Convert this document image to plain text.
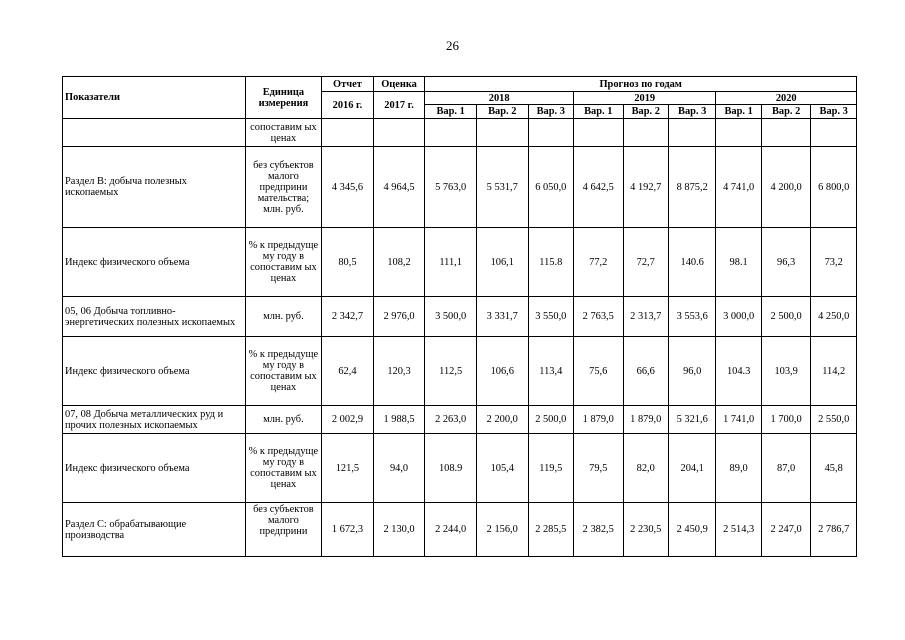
26
Показатели	Единица измерения	Отчет	Оценка	Прогноз по годам								
		2016 г.	2017 г.	2018			2019			2020		
				Вар. 1	Вар. 2	Вар. 3	Вар. 1	Вар. 2	Вар. 3	Вар. 1	Вар. 2	Вар. 3
	сопоставим ых ценах											
Раздел B: добыча полезных ископаемых	без субъектов малого предприни мательства; млн. руб.	4 345,6	4 964,5	5 763,0	5 531,7	6 050,0	4 642,5	4 192,7	8 875,2	4 741,0	4 200,0	6 800,0
Индекс физического объема	% к предыдуще му году в сопоставим ых ценах	80,5	108,2	111,1	106,1	115.8	77,2	72,7	140.6	98.1	96,3	73,2
05, 06 Добыча топливно-энергетических полезных ископаемых	млн. руб.	2 342,7	2 976,0	3 500,0	3 331,7	3 550,0	2 763,5	2 313,7	3 553,6	3 000,0	2 500,0	4 250,0
Индекс физического объема	% к предыдуще му году в сопоставим ых ценах	62,4	120,3	112,5	106,6	113,4	75,6	66,6	96,0	104.3	103,9	114,2
07, 08 Добыча металлических руд и прочих полезных ископаемых	млн. руб.	2 002,9	1 988,5	2 263,0	2 200,0	2 500,0	1 879,0	1 879,0	5 321,6	1 741,0	1 700,0	2 550,0
Индекс физического объема	% к предыдуще му году в сопоставим ых ценах	121,5	94,0	108.9	105,4	119,5	79,5	82,0	204,1	89,0	87,0	45,8
Раздел C: обрабатывающие производства	без субъектов малого предприни	1 672,3	2 130,0	2 244,0	2 156,0	2 285,5	2 382,5	2 230,5	2 450,9	2 514,3	2 247,0	2 786,7
